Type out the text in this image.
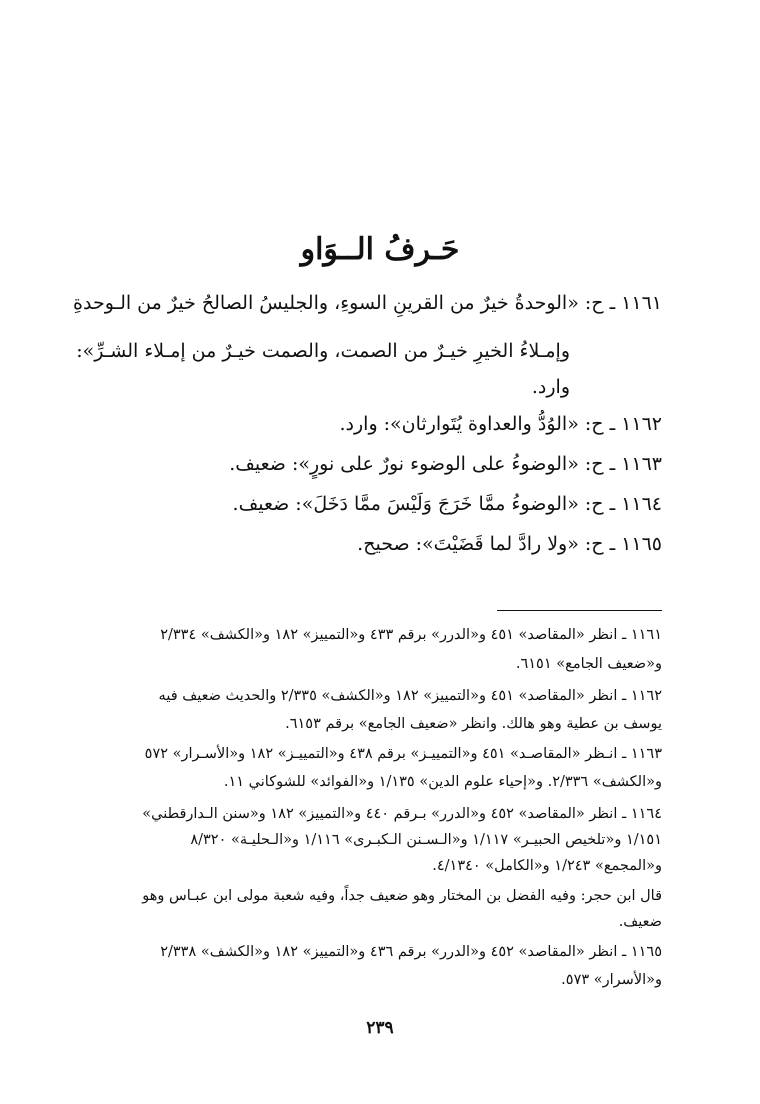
حَـرفُ الــوَاو
١١٦١ـ ح: «الوحدةُ خيرٌ من القرينِ السوءِ، والجليسُ الصالحُ خيرٌ من الـوحدةِ
وإمـلاءُ الخيرِ خيـرٌ من الصمت، والصمت خيـرٌ من إمـلاء الشـرِّ»:
وارد.
١١٦٢ـ ح: «الوُدُّ والعداوة يُتَوارثان»: وارد.
١١٦٣ـ ح: «الوضوءُ على الوضوء نورٌ على نورٍ»: ضعيف.
١١٦٤ـ ح: «الوضوءُ ممَّا خَرَجَ وَلَيْسَ ممَّا دَخَلَ»: ضعيف.
١١٦٥ـ ح: «ولا رادَّ لما قَضَيْتَ»: صحيح.
١١٦١ ـ انظر «المقاصد» ٤٥١ و«الدرر» برقم ٤٣٣ و«التمييز» ١٨٢ و«الكشف» ٢/٣٣٤
و«ضعيف الجامع» ٦١٥١.
١١٦٢ ـ انظر «المقاصد» ٤٥١ و«التمييز» ١٨٢ و«الكشف» ٢/٣٣٥ والحديث ضعيف فيه
يوسف بن عطية وهو هالك. وانظر «ضعيف الجامع» برقم ٦١٥٣.
١١٦٣ ـ انـظر «المقاصـد» ٤٥١ و«التمييـز» برقم ٤٣٨ و«التمييـز» ١٨٢ و«الأسـرار» ٥٧٢
و«الكشف» ٢/٣٣٦. و«إحياء علوم الدين» ١/١٣٥ و«الفوائد» للشوكاني ١١.
١١٦٤ ـ انظر «المقاصد» ٤٥٢ و«الدرر» بـرقم ٤٤٠ و«التمييز» ١٨٢ و«سنن الـدارقطني»
١/١٥١ و«تلخيص الحبيـر» ١/١١٧ و«الـسـنن الـكبـرى» ١/١١٦ و«الـحليـة» ٨/٣٢٠
و«المجمع» ١/٢٤٣ و«الكامل» ٤/١٣٤٠.
قال ابن حجر: وفيه الفضل بن المختار وهو ضعيف جداً، وفيه شعبة مولى ابن عبـاس وهو
ضعيف.
١١٦٥ ـ انظر «المقاصد» ٤٥٢ و«الدرر» برقم ٤٣٦ و«التمييز» ١٨٢ و«الكشف» ٢/٣٣٨
و«الأسرار» ٥٧٣.
٢٣٩
